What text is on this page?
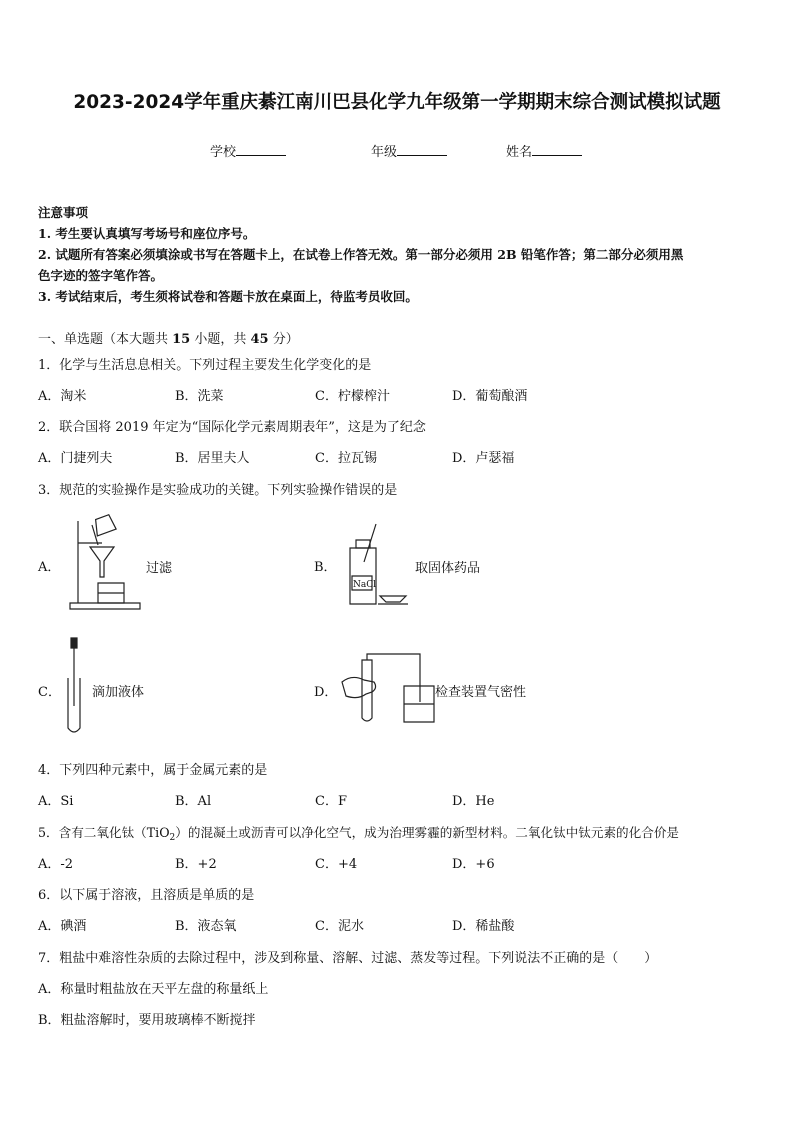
2023-2024学年重庆綦江南川巴县化学九年级第一学期期末综合测试模拟试题
学校	年级	姓名
注意事项
1. 考生要认真填写考场号和座位序号。
2. 试题所有答案必须填涂或书写在答题卡上，在试卷上作答无效。第一部分必须用 2B 铅笔作答；第二部分必须用黑
色字迹的签字笔作答。
3. 考试结束后，考生须将试卷和答题卡放在桌面上，待监考员收回。
一、单选题（本大题共 15 小题，共 45 分）
1．化学与生活息息相关。下列过程主要发生化学变化的是
A．淘米	B．洗菜	C．柠檬榨汁	D．葡萄酿酒
2．联合国将 2019 年定为“国际化学元素周期表年”，这是为了纪念
A．门捷列夫	B．居里夫人	C．拉瓦锡	D．卢瑟福
3．规范的实验操作是实验成功的关键。下列实验操作错误的是
A．	过滤	B．
NaCl
取固体药品
C． 滴加液体	D．	检查装置气密性
4．下列四种元素中，属于金属元素的是
A．Si	B．Al	C．F	D．He
5．含有二氧化钛（TiO$_2$）的混凝土或沥青可以净化空气，成为治理雾霾的新型材料。二氧化钛中钛元素的化合价是
A．-2	B．+2	C．+4	D．+6
6．以下属于溶液，且溶质是单质的是
A．碘酒	B．液态氧	C．泥水	D．稀盐酸
7．粗盐中难溶性杂质的去除过程中，涉及到称量、溶解、过滤、蒸发等过程。下列说法不正确的是（　　）
A．称量时粗盐放在天平左盘的称量纸上
B．粗盐溶解时，要用玻璃棒不断搅拌
